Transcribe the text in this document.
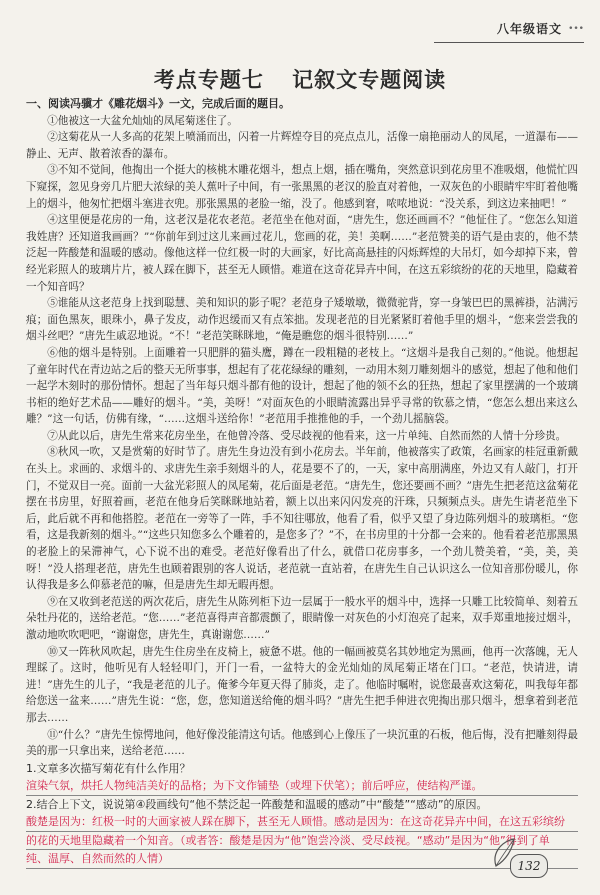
八年级语文 •••
考点专题七 记叙文专题阅读

一、阅读冯骥才《雕花烟斗》一文，完成后面的题目。

①他被这一大盆允灿灿的凤尾菊迷住了。

②这菊花从一人多高的花架上喷涌而出，闪着一片辉煌夺目的亮点点儿，活像一扇艳丽动人的凤尾，一道瀑布——静止、无声、散着浓香的瀑布。

③不知不觉间，他掏出一个挺大的核桃木雕花烟斗，想点上烟，插在嘴角，突然意识到花房里不准吸烟，他慌忙四下窥探，忽见身旁几片肥大浓绿的美人蕉叶子中间，有一张黑黑的老汉的脸直对着他，一双灰色的小眼睛牢牢盯着他嘴上的烟斗，他匆忙把烟斗塞进衣兜。那张黑黑的老脸一缩，没了。他感到窘，哝哝地说：“没关系，到这边来抽吧！”

④这里便是花房的一角，这老汉是花农老范。老范坐在他对面，“唐先生，您还画画不？”他怔住了。“您怎么知道我姓唐？还知道我画画？”“你前年到过这儿来画过花儿，您画的花，美！美啊……”老范赞美的语气是由衷的，他不禁泛起一阵酸楚和温暖的感动。像他这样一位红极一时的大画家，好比高高悬挂的闪烁辉煌的大吊灯，如今却掉下来，曾经光彩照人的玻璃片片，被人踩在脚下，甚至无人顾惜。难道在这奇花异卉中间，在这五彩缤纷的花的天地里，隐藏着一个知音吗？

⑤谁能从这老范身上找到聪慧、美和知识的影子呢？老范身子矮墩墩，微微驼背，穿一身皱巴巴的黑裤褂，沾满污痕；面色黑灰，眼珠小，鼻子发皮，动作迟缓而又有点笨拙。发现老范的目光紧紧盯着他手里的烟斗，“您来尝尝我的烟斗丝吧？”唐先生戚忍地说。“不！”老范笑眯眯地，“俺是瞧您的烟斗很特别……”

⑥他的烟斗是特别。上面雕着一只肥胖的猫头鹰，蹲在一段粗糙的老枝上。“这烟斗是我自己刻的。”他说。他想起了童年时代在青边站之后的整天无所事事，想起有了花花绿绿的雕刻，一动用木刻刀雕刻烟斗的感觉，想起了他和他们一起学木刻时的那份情怀。想起了当年每只烟斗都有他的设计，想起了他的领不幺的狂热，想起了家里摆满的一个玻璃书柜的绝好艺术品——雕好的烟斗。“美，美呀！”对面灰色的小眼睛流露出异乎寻常的钦慕之情，“您怎么想出来这么雕？”这一句话，仿佛有缘，“……这烟斗送给你！”老范用手推推他的手，一个劲儿摇脑袋。

⑦从此以后，唐先生常来花房坐坐，在他曾冷落、受尽歧视的他看来，这一片单纯、自然而然的人情十分珍贵。

⑧秋风一吹，又是赏菊的好时节了。唐先生身边没有到小花房去。半年前，他被落实了政策，名画家的桂冠重新戴在头上。求画的、求烟斗的、求唐先生亲手刻烟斗的人，花是要不了的，一天，家中高朋满座，外边又有人敲门，打开门，不觉双目一亮。面前一大盆光彩照人的凤尾菊，花后面是老范。“唐先生，您还要画不画？”唐先生把老范这盆菊花摆在书房里，好照着画，老范在他身后笑眯眯地站着，额上以出来闪闪发亮的汗珠，只频频点头。唐先生请老范坐下后，此后就不再和他搭腔。老范在一旁等了一阵，手不知往哪放，他看了看，似乎又望了身边陈列烟斗的玻璃柜。“您看，这是我新刻的烟斗。”“这些只知您多么个雕着的，是您多了？”不，在书房里的十分都一会来的。他看着老范那黑黑的老脸上的呆滞神气，心下说不出的难受。老范好像看出了什么，就借口花房事多，一个劲儿赞美着，“美，美，美呀！”没人搭理老范，唐先生也顾着跟别的客人说话，老范就一直站着，在唐先生自己认识这么一位知音那份暖儿，你认得我是多么仰慕老范的嘛，但是唐先生却无暇再想。

⑨在又收到老范送的两次花后，唐先生从陈列柜下边一层属于一般水平的烟斗中，选择一只雕工比较简单、刻着五朵牡丹花的，送给老范。“您……”老范喜得声音都震颤了，眼睛像一对灰色的小灯泡亮了起来，双手郑重地接过烟斗，激动地吹吹吧吧，“谢谢您，唐先生，真谢谢您……”

⑩又一阵秋风吹起，唐先生住房坐在皮椅上，疲惫不堪。他的一幅画被莫名其妙地定为黑画，他再一次落魄，无人理睬了。这时，他听见有人轻轻叩门，开门一看，一盆特大的金光灿灿的凤尾菊正堵在门口。“老范，快请进，请进！”唐先生的儿子，“我是老范的儿子。俺爹今年夏天得了肺炎，走了。他临时嘱咐，说您最喜欢这菊花，叫我每年都给您送一盆来……”唐先生说：“您，您，您知道送给俺的烟斗吗？”唐先生把手伸进衣兜掏出那只烟斗，想拿着到老范那去……

⑪“什么？”唐先生惊愕地问，他好像没能清这句话。他感到心上像压了一块沉重的石板，他后悔，没有把雕刻得最美的那一只拿出来，送给老范……

1.文章多次描写菊花有什么作用？

渲染气氛，烘托人物纯洁美好的品格；为下文作铺垫（或埋下伏笔）；前后呼应，使结构严谨。

2.结合上下文，说说第④段画线句“他不禁泛起一阵酸楚和温暖的感动”中“酸楚”“感动”的原因。

酸楚是因为：红极一时的大画家被人踩在脚下，甚至无人顾惜。感动是因为：在这奇花异卉中间，在这五彩缤纷

的花的天地里隐藏着一个知音。（或者答：酸楚是因为“他”饱尝冷淡、受尽歧视。“感动”是因为“他”得到了单

纯、温厚、自然而然的人情）

132
